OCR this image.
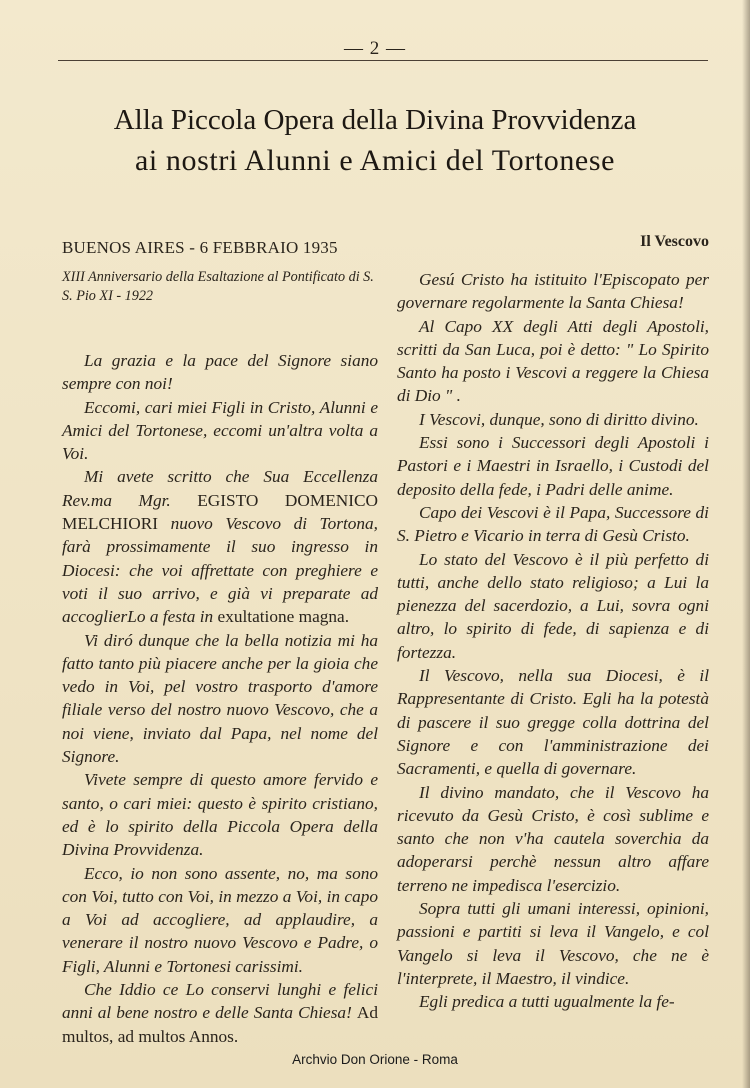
— 2 —
Alla Piccola Opera della Divina Provvidenza
ai nostri Alunni e Amici del Tortonese
BUENOS AIRES - 6 FEBBRAIO 1935
XIII Anniversario della Esaltazione al Pontificato di S. S. Pio XI - 1922

La grazia e la pace del Signore siano sempre con noi!

Eccomi, cari miei Figli in Cristo, Alunni e Amici del Tortonese, eccomi un'altra volta a Voi.

Mi avete scritto che Sua Eccellenza Rev.ma Mgr. EGISTO DOMENICO MELCHIORI nuovo Vescovo di Tortona, farà prossimamente il suo ingresso in Diocesi: che voi affrettate con preghiere e voti il suo arrivo, e già vi preparate ad accoglierLo a festa in exultatione magna.

Vi diró dunque che la bella notizia mi ha fatto tanto più piacere anche per la gioia che vedo in Voi, pel vostro trasporto d'amore filiale verso del nostro nuovo Vescovo, che a noi viene, inviato dal Papa, nel nome del Signore.

Vivete sempre di questo amore fervido e santo, o cari miei: questo è spirito cristiano, ed è lo spirito della Piccola Opera della Divina Provvidenza.

Ecco, io non sono assente, no, ma sono con Voi, tutto con Voi, in mezzo a Voi, in capo a Voi ad accogliere, ad applaudire, a venerare il nostro nuovo Vescovo e Padre, o Figli, Alunni e Tortonesi carissimi.

Che Iddio ce Lo conservi lunghi e felici anni al bene nostro e delle Santa Chiesa! Ad multos, ad multos Annos.

Il Vescovo

Gesú Cristo ha istituito l'Episcopato per governare regolarmente la Santa Chiesa!

Al Capo XX degli Atti degli Apostoli, scritti da San Luca, poi è detto: " Lo Spirito Santo ha posto i Vescovi a reggere la Chiesa di Dio " .

I Vescovi, dunque, sono di diritto divino.

Essi sono i Successori degli Apostoli i Pastori e i Maestri in Israello, i Custodi del deposito della fede, i Padri delle anime.

Capo dei Vescovi è il Papa, Successore di S. Pietro e Vicario in terra di Gesù Cristo.

Lo stato del Vescovo è il più perfetto di tutti, anche dello stato religioso; a Lui la pienezza del sacerdozio, a Lui, sovra ogni altro, lo spirito di fede, di sapienza e di fortezza.

Il Vescovo, nella sua Diocesi, è il Rappresentante di Cristo. Egli ha la potestà di pascere il suo gregge colla dottrina del Signore e con l'amministrazione dei Sacramenti, e quella di governare.

Il divino mandato, che il Vescovo ha ricevuto da Gesù Cristo, è così sublime e santo che non v'ha cautela soverchia da adoperarsi perchè nessun altro affare terreno ne impedisca l'esercizio.

Sopra tutti gli umani interessi, opinioni, passioni e partiti si leva il Vangelo, e col Vangelo si leva il Vescovo, che ne è l'interprete, il Maestro, il vindice.

Egli predica a tutti ugualmente la fe-

Archvio Don Orione - Roma
